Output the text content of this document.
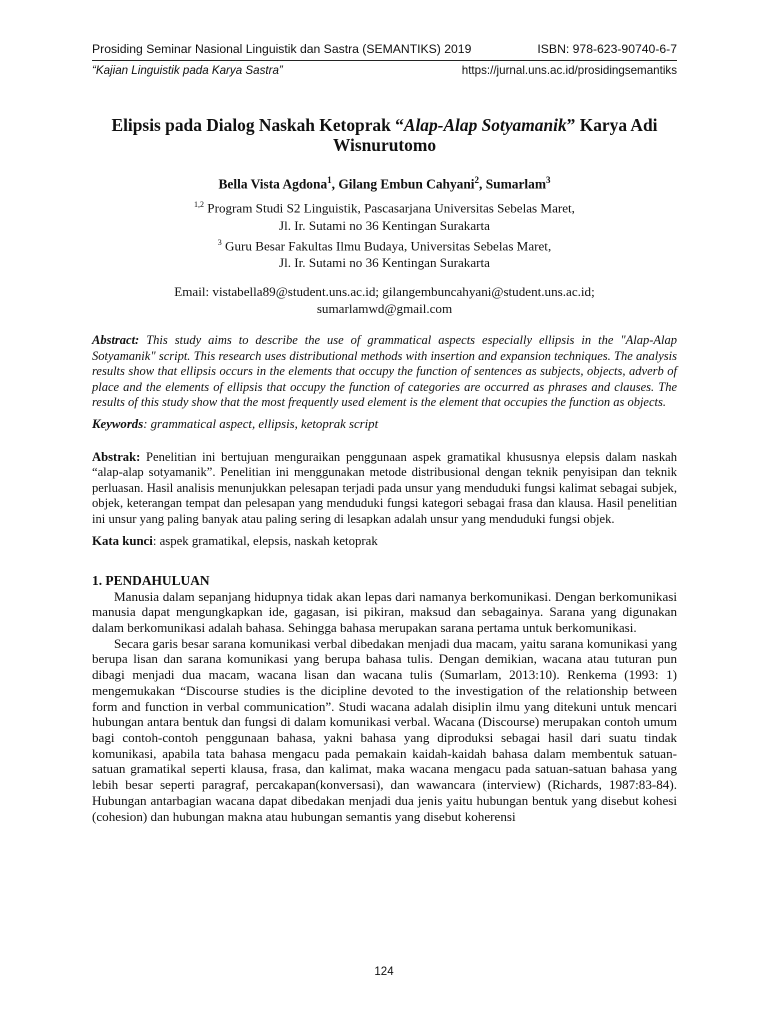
Prosiding Seminar Nasional Linguistik dan Sastra (SEMANTIKS) 2019	ISBN: 978-623-90740-6-7
“Kajian Linguistik pada Karya Sastra”	https://jurnal.uns.ac.id/prosidingsemantiks
Elipsis pada Dialog Naskah Ketoprak “Alap-Alap Sotyamanik” Karya Adi Wisnurutomo
Bella Vista Agdona$^1$, Gilang Embun Cahyani$^2$, Sumarlam$^3$
$^{1,2}$ Program Studi S2 Linguistik, Pascasarjana Universitas Sebelas Maret,
Jl. Ir. Sutami no 36 Kentingan Surakarta
$^3$ Guru Besar Fakultas Ilmu Budaya, Universitas Sebelas Maret,
Jl. Ir. Sutami no 36 Kentingan Surakarta
Email: vistabella89@student.uns.ac.id; gilangembuncahyani@student.uns.ac.id;
sumarlamwd@gmail.com
Abstract: This study aims to describe the use of grammatical aspects especially ellipsis in the "Alap-Alap Sotyamanik" script. This research uses distributional methods with insertion and expansion techniques. The analysis results show that ellipsis occurs in the elements that occupy the function of sentences as subjects, objects, adverb of place and the elements of ellipsis that occupy the function of categories are occurred as phrases and clauses. The results of this study show that the most frequently used element is the element that occupies the function as objects.
Keywords: grammatical aspect, ellipsis, ketoprak script
Abstrak: Penelitian ini bertujuan menguraikan penggunaan aspek gramatikal khususnya elepsis dalam naskah “alap-alap sotyamanik”. Penelitian ini menggunakan metode distribusional dengan teknik penyisipan dan teknik perluasan. Hasil analisis menunjukkan pelesapan terjadi pada unsur yang menduduki fungsi kalimat sebagai subjek, objek, keterangan tempat dan pelesapan yang menduduki fungsi kategori sebagai frasa dan klausa. Hasil penelitian ini unsur yang paling banyak atau paling sering di lesapkan adalah unsur yang menduduki fungsi objek.
Kata kunci: aspek gramatikal, elepsis, naskah ketoprak
1. PENDAHULUAN

Manusia dalam sepanjang hidupnya tidak akan lepas dari namanya berkomunikasi. Dengan berkomunikasi manusia dapat mengungkapkan ide, gagasan, isi pikiran, maksud dan sebagainya. Sarana yang digunakan dalam berkomunikasi adalah bahasa. Sehingga bahasa merupakan sarana pertama untuk berkomunikasi.

Secara garis besar sarana komunikasi verbal dibedakan menjadi dua macam, yaitu sarana komunikasi yang berupa lisan dan sarana komunikasi yang berupa bahasa tulis. Dengan demikian, wacana atau tuturan pun dibagi menjadi dua macam, wacana lisan dan wacana tulis (Sumarlam, 2013:10). Renkema (1993: 1) mengemukakan “Discourse studies is the dicipline devoted to the investigation of the relationship between form and function in verbal communication”. Studi wacana adalah disiplin ilmu yang ditekuni untuk mencari hubungan antara bentuk dan fungsi di dalam komunikasi verbal. Wacana (Discourse) merupakan contoh umum bagi contoh-contoh penggunaan bahasa, yakni bahasa yang diproduksi sebagai hasil dari suatu tindak komunikasi, apabila tata bahasa mengacu pada pemakain kaidah-kaidah bahasa dalam membentuk satuan-satuan gramatikal seperti klausa, frasa, dan kalimat, maka wacana mengacu pada satuan-satuan bahasa yang lebih besar seperti paragraf, percakapan(konversasi), dan wawancara (interview) (Richards, 1987:83-84). Hubungan antarbagian wacana dapat dibedakan menjadi dua jenis yaitu hubungan bentuk yang disebut kohesi (cohesion) dan hubungan makna atau hubungan semantis yang disebut koherensi

124
